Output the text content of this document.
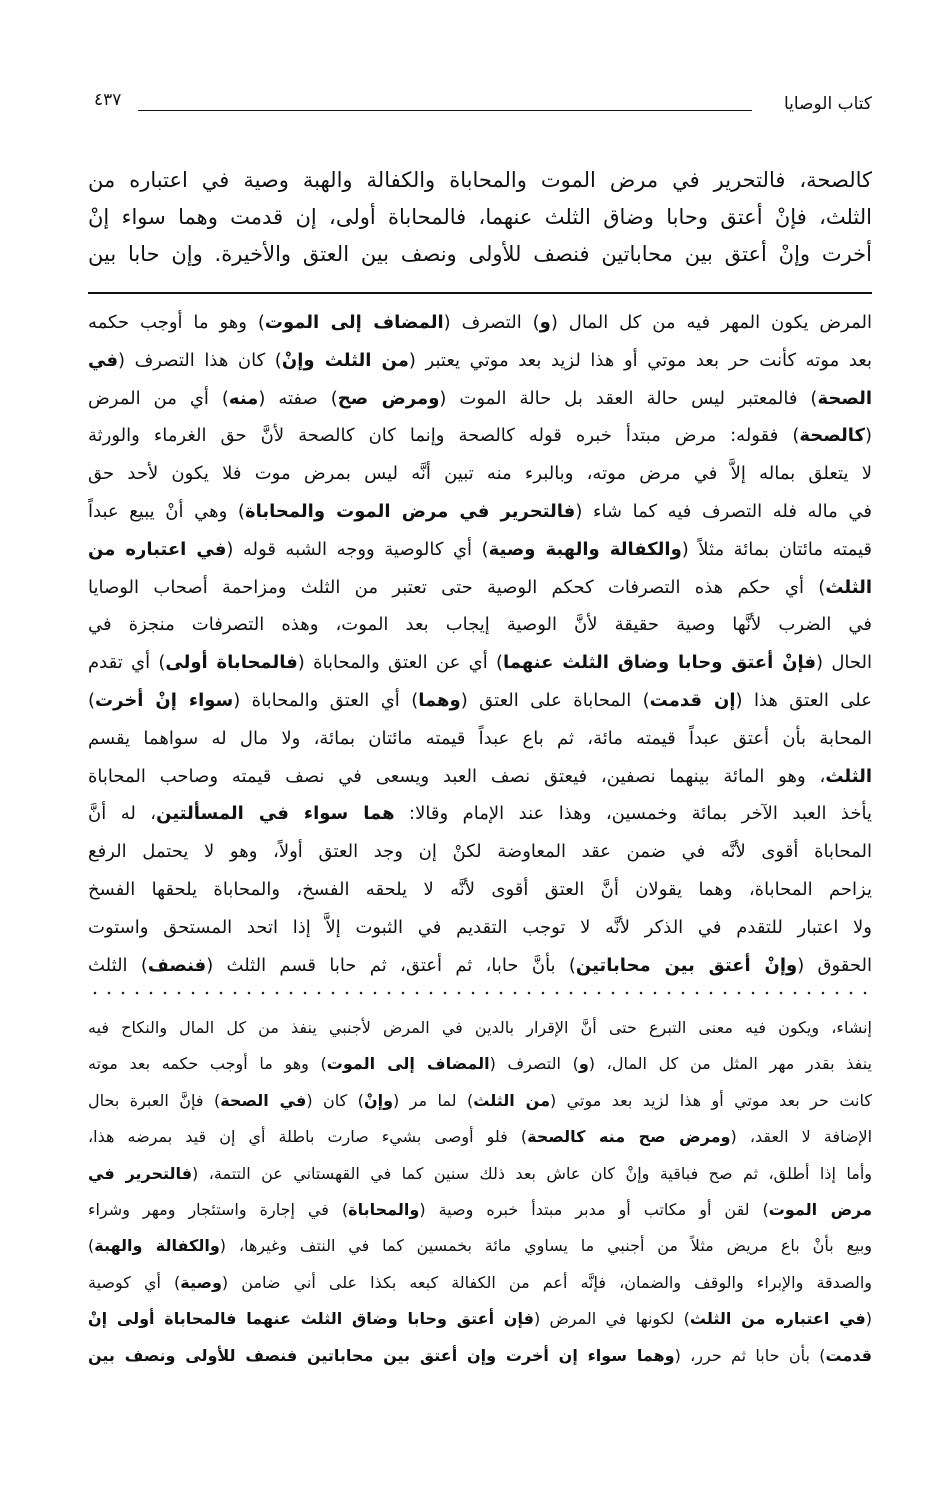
٤٣٧	كتاب الوصايا
كالصحة، فالتحرير في مرض الموت والمحاباة والكفالة والهبة وصية في اعتباره من
الثلث، فإنْ أعتق وحابا وضاق الثلث عنهما، فالمحاباة أولى، إن قدمت وهما سواء إنْ
أخرت وإنْ أعتق بين محاباتين فنصف للأولى ونصف بين العتق والأخيرة. وإن حابا بين
المرض يكون المهر فيه من كل المال (و) التصرف (المضاف إلى الموت) وهو ما أوجب حكمه
بعد موته كأنت حر بعد موتي أو هذا لزيد بعد موتي يعتبر (من الثلث وإنْ) كان هذا التصرف (في
الصحة) فالمعتبر ليس حالة العقد بل حالة الموت (ومرض صح) صفته (منه) أي من المرض
(كالصحة) فقوله: مرض مبتدأ خبره قوله كالصحة وإنما كان كالصحة لأنَّ حق الغرماء والورثة
لا يتعلق بماله إلاَّ في مرض موته، وبالبرء منه تبين أنَّه ليس بمرض موت فلا يكون لأحد حق
في ماله فله التصرف فيه كما شاء (فالتحرير في مرض الموت والمحاباة) وهي أنْ يبيع عبداً
قيمته مائتان بمائة مثلاً (والكفالة والهبة وصية) أي كالوصية ووجه الشبه قوله (في اعتباره من
الثلث) أي حكم هذه التصرفات كحكم الوصية حتى تعتبر من الثلث ومزاحمة أصحاب الوصايا
في الضرب لأنَّها وصية حقيقة لأنَّ الوصية إيجاب بعد الموت، وهذه التصرفات منجزة في
الحال (فإنْ أعتق وحابا وضاق الثلث عنهما) أي عن العتق والمحاباة (فالمحاباة أولى) أي تقدم
على العتق هذا (إن قدمت) المحاباة على العتق (وهما) أي العتق والمحاباة (سواء إنْ أخرت)
المحابة بأن أعتق عبداً قيمته مائة، ثم باع عبداً قيمته مائتان بمائة، ولا مال له سواهما يقسم
الثلث، وهو المائة بينهما نصفين، فيعتق نصف العبد ويسعى في نصف قيمته وصاحب المحاباة
يأخذ العبد الآخر بمائة وخمسين، وهذا عند الإمام وقالا: هما سواء في المسألتين، له أنَّ
المحاباة أقوى لأنَّه في ضمن عقد المعاوضة لكنْ إن وجد العتق أولاً، وهو لا يحتمل الرفع
يزاحم المحاباة، وهما يقولان أنَّ العتق أقوى لأنَّه لا يلحقه الفسخ، والمحاباة يلحقها الفسخ
ولا اعتبار للتقدم في الذكر لأنَّه لا توجب التقديم في الثبوت إلاَّ إذا اتحد المستحق واستوت
الحقوق (وإنْ أعتق بين محاباتين) بأنَّ حابا، ثم أعتق، ثم حابا قسم الثلث (فنصف) الثلث
إنشاء، ويكون فيه معنى التبرع حتى أنَّ الإقرار بالدين في المرض لأجنبي ينفذ من كل المال والنكاح فيه
ينفذ بقدر مهر المثل من كل المال، (و) التصرف (المضاف إلى الموت) وهو ما أوجب حكمه بعد موته
كانت حر بعد موتي أو هذا لزيد بعد موتي (من الثلث) لما مر (وإنْ) كان (في الصحة) فإنَّ العبرة بحال
الإضافة لا العقد، (ومرض صح منه كالصحة) فلو أوصى بشيء صارت باطلة أي إن قيد بمرضه هذا،
وأما إذا أطلق، ثم صح فباقية وإنْ كان عاش بعد ذلك سنين كما في القهستاني عن التتمة، (فالتحرير في
مرض الموت) لقن أو مكاتب أو مدبر مبتدأ خبره وصية (والمحاباة) في إجارة واستئجار ومهر وشراء
وبيع بأنْ باع مريض مثلاً من أجنبي ما يساوي مائة بخمسين كما في النتف وغيرها، (والكفالة والهبة)
والصدقة والإبراء والوقف والضمان، فإنَّه أعم من الكفالة كبعه بكذا على أني ضامن (وصية) أي كوصية
(في اعتباره من الثلث) لكونها في المرض (فإن أعتق وحابا وضاق الثلث عنهما فالمحاباة أولى إنْ
قدمت) بأن حابا ثم حرر، (وهما سواء إن أخرت وإن أعتق بين محاباتين فنصف للأولى ونصف بين
